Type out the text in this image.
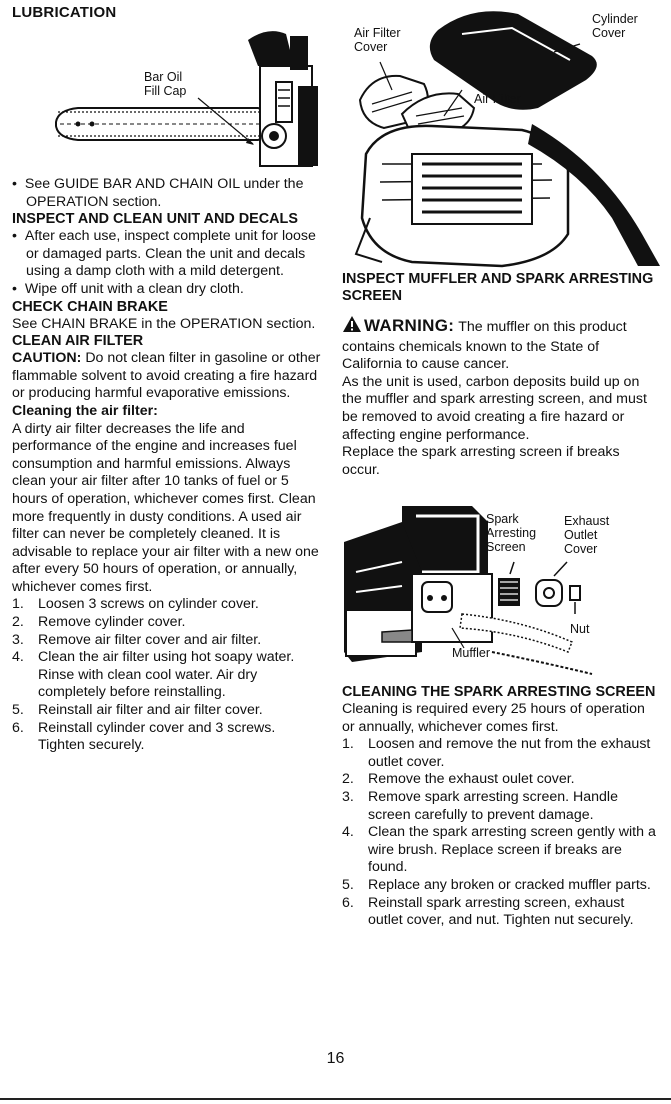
LUBRICATION
Bar Oil
Fill Cap

•  See GUIDE BAR AND CHAIN OIL under the OPERATION section.

INSPECT AND CLEAN UNIT AND DECALS

•  After each use, inspect complete unit for loose or damaged parts. Clean the unit and decals using a damp cloth with a mild detergent.

•  Wipe off unit with a clean dry cloth.

CHECK CHAIN BRAKE

See CHAIN BRAKE in the OPERATION section.

CLEAN AIR FILTER

CAUTION: Do not clean filter in gasoline or other flammable solvent to avoid creating a fire hazard or producing harmful evaporative emissions.

Cleaning the air filter:

A dirty air filter decreases the life and performance of the engine and increases fuel consumption and harmful emissions. Always clean your air filter after 10 tanks of fuel or 5 hours of operation, whichever comes first. Clean more frequently in dusty conditions. A used air filter can never be completely cleaned. It is advisable to replace your air filter with a new one after every 50 hours of operation, or annually, whichever comes first.

1. Loosen 3 screws on cylinder cover.
2. Remove cylinder cover.
3. Remove air filter cover and air filter.
4. Clean the air filter using hot soapy water. Rinse with clean cool water. Air dry completely before reinstalling.
5. Reinstall air filter and air filter cover.
6. Reinstall cylinder cover and 3 screws. Tighten securely.
Air Filter
Cover
Air Filter
Cylinder
Cover

INSPECT MUFFLER AND SPARK ARRESTING SCREEN

WARNING: The muffler on this product contains chemicals known to the State of California to cause cancer.

As the unit is used, carbon deposits build up on the muffler and spark arresting screen, and must be removed to avoid creating a fire hazard or affecting engine performance.

Replace the spark arresting screen if breaks occur.

Spark
Arresting
Screen
Exhaust
Outlet
Cover
Nut
Muffler

CLEANING THE SPARK ARRESTING SCREEN

Cleaning is required every 25 hours of operation or annually, whichever comes first.

1. Loosen and remove the nut from the exhaust outlet cover.
2. Remove the exhaust oulet cover.
3. Remove spark arresting screen. Handle screen carefully to prevent damage.
4. Clean the spark arresting screen gently with a wire brush. Replace screen if breaks are found.
5. Replace any broken or cracked muffler parts.
6. Reinstall spark arresting screen, exhaust outlet cover, and nut. Tighten nut securely.
16
